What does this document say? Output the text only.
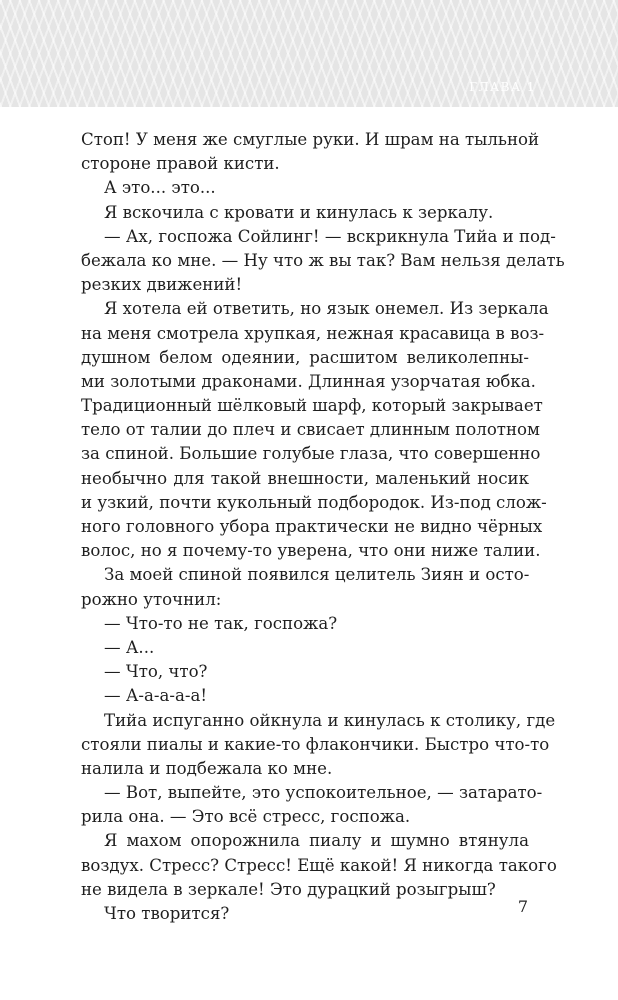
ГЛАВА 1
Стоп! У меня же смуглые руки. И шрам на тыльной
стороне правой кисти.
А это... это...
Я вскочила с кровати и кинулась к зеркалу.
— Ах, госпожа Сойлинг! — вскрикнула Тийа и под-
бежала ко мне. — Ну что ж вы так? Вам нельзя делать
резких движений!
Я хотела ей ответить, но язык онемел. Из зеркала
на меня смотрела хрупкая, нежная красавица в воз-
душном белом одеянии, расшитом великолепны-
ми золотыми драконами. Длинная узорчатая юбка.
Традиционный шёлковый шарф, который закрывает
тело от талии до плеч и свисает длинным полотном
за спиной. Большие голубые глаза, что совершенно
необычно для такой внешности, маленький носик
и узкий, почти кукольный подбородок. Из-под слож-
ного головного убора практически не видно чёрных
волос, но я почему-то уверена, что они ниже талии.
За моей спиной появился целитель Зиян и осто-
рожно уточнил:
— Что-то не так, госпожа?
— А...
— Что, что?
— А-а-а-а-а!
Тийа испуганно ойкнула и кинулась к столику, где
стояли пиалы и какие-то флакончики. Быстро что-то
налила и подбежала ко мне.
— Вот, выпейте, это успокоительное, — затарато-
рила она. — Это всё стресс, госпожа.
Я махом опорожнила пиалу и шумно втянула
воздух. Стресс? Стресс! Ещё какой! Я никогда такого
не видела в зеркале! Это дурацкий розыгрыш?
Что творится?	7
